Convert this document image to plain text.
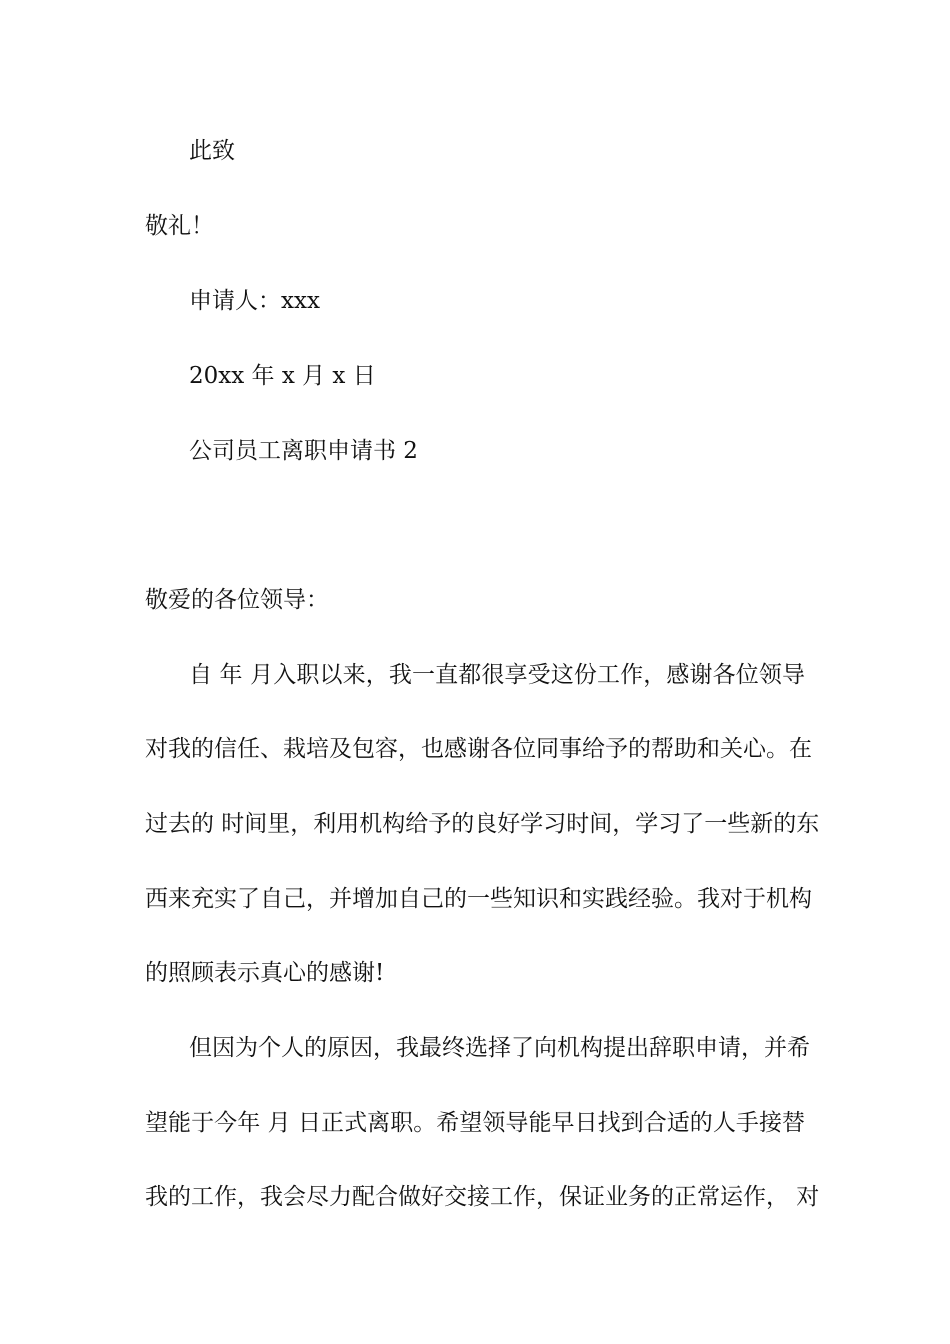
此致
敬礼！
申请人：xxx
20xx 年 x 月 x 日
公司员工离职申请书 2
敬爱的各位领导：
自 年 月入职以来，我一直都很享受这份工作，感谢各位领导
对我的信任、栽培及包容，也感谢各位同事给予的帮助和关心。在
过去的 时间里，利用机构给予的良好学习时间，学习了一些新的东
西来充实了自己，并增加自己的一些知识和实践经验。我对于机构
的照顾表示真心的感谢!
但因为个人的原因，我最终选择了向机构提出辞职申请，并希
望能于今年 月 日正式离职。希望领导能早日找到合适的人手接替
我的工作，我会尽力配合做好交接工作，保证业务的正常运作， 对
